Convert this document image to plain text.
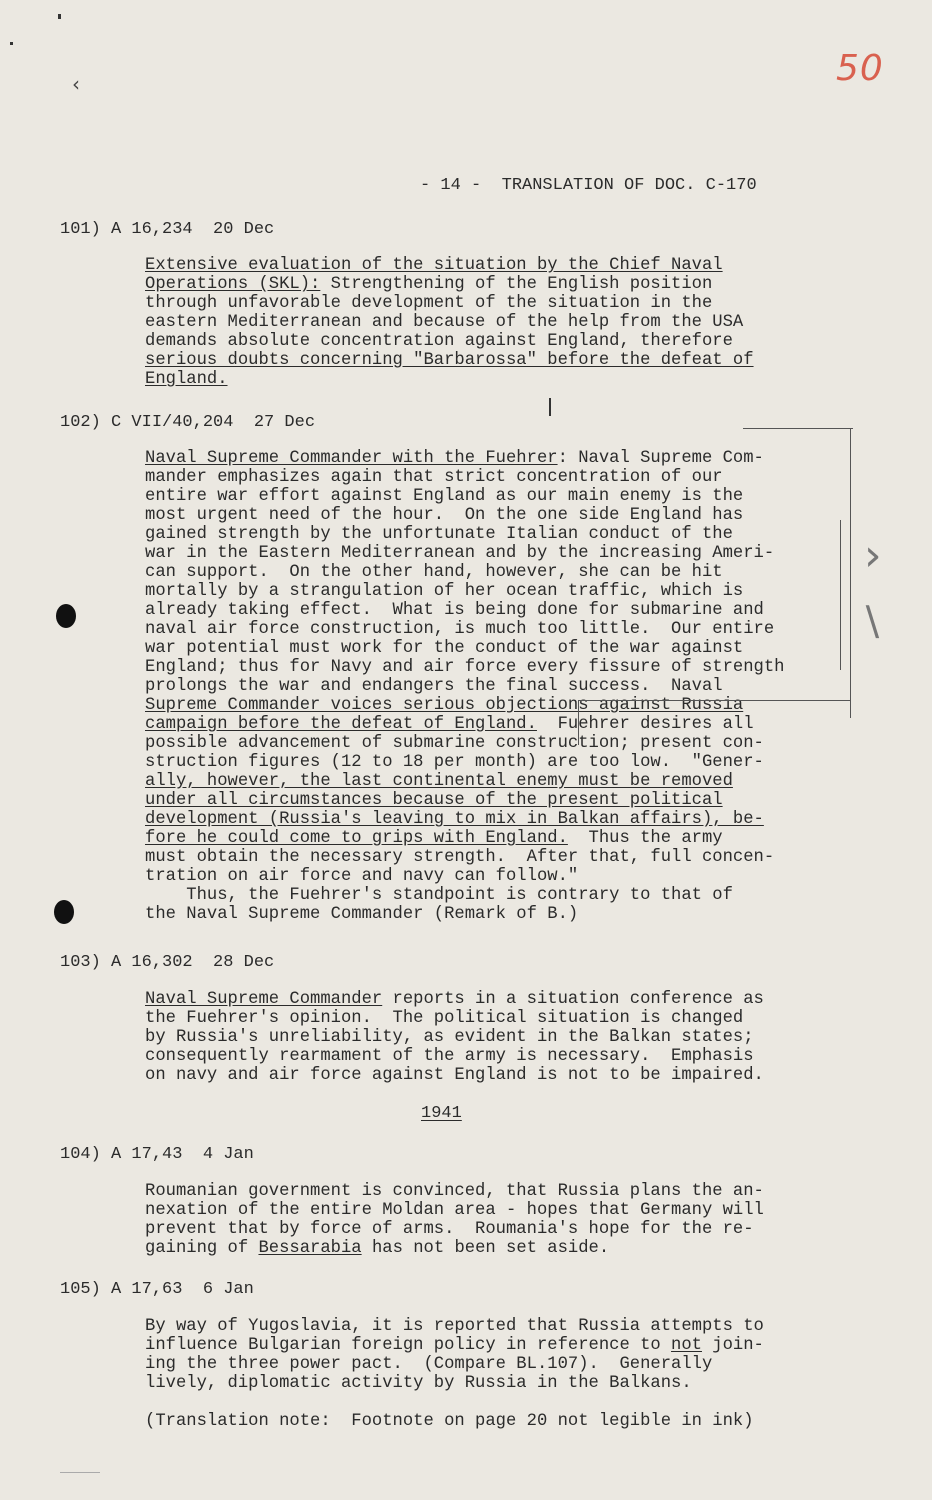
‹	50
- 14 -  TRANSLATION OF DOC. C-170
101) A 16,234  20 Dec
Extensive evaluation of the situation by the Chief Naval
Operations (SKL): Strengthening of the English position
through unfavorable development of the situation in the
eastern Mediterranean and because of the help from the USA
demands absolute concentration against England, therefore
serious doubts concerning "Barbarossa" before the defeat of
England.
102) C VII/40,204  27 Dec
Naval Supreme Commander with the Fuehrer: Naval Supreme Com-
mander emphasizes again that strict concentration of our
entire war effort against England as our main enemy is the
most urgent need of the hour.  On the one side England has
gained strength by the unfortunate Italian conduct of the
war in the Eastern Mediterranean and by the increasing Ameri-
can support.  On the other hand, however, she can be hit
mortally by a strangulation of her ocean traffic, which is
already taking effect.  What is being done for submarine and
naval air force construction, is much too little.  Our entire
war potential must work for the conduct of the war against
England; thus for Navy and air force every fissure of strength
prolongs the war and endangers the final success.  Naval
Supreme Commander voices serious objections against Russia
campaign before the defeat of England.  Fuehrer desires all
possible advancement of submarine construction; present con-
struction figures (12 to 18 per month) are too low.  "Gener-
ally, however, the last continental enemy must be removed
under all circumstances because of the present political
development (Russia's leaving to mix in Balkan affairs), be-
fore he could come to grips with England.  Thus the army
must obtain the necessary strength.  After that, full concen-
tration on air force and navy can follow."
Thus, the Fuehrer's standpoint is contrary to that of
the Naval Supreme Commander (Remark of B.)
›
∖
103) A 16,302  28 Dec
Naval Supreme Commander reports in a situation conference as
the Fuehrer's opinion.  The political situation is changed
by Russia's unreliability, as evident in the Balkan states;
consequently rearmament of the army is necessary.  Emphasis
on navy and air force against England is not to be impaired.
1941
104) A 17,43  4 Jan
Roumanian government is convinced, that Russia plans the an-
nexation of the entire Moldan area - hopes that Germany will
prevent that by force of arms.  Roumania's hope for the re-
gaining of Bessarabia has not been set aside.
105) A 17,63  6 Jan
By way of Yugoslavia, it is reported that Russia attempts to
influence Bulgarian foreign policy in reference to not join-
ing the three power pact.  (Compare BL.107).  Generally
lively, diplomatic activity by Russia in the Balkans.
(Translation note:  Footnote on page 20 not legible in ink)
